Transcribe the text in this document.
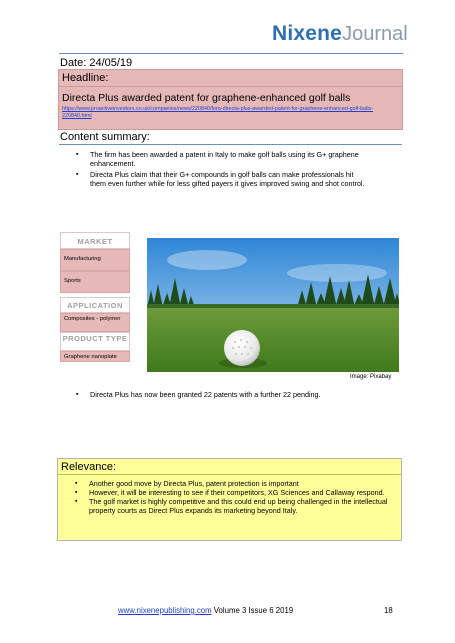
NixeneJournal
Date: 24/05/19
Headline:
Directa Plus awarded patent for graphene-enhanced golf balls
https://www.proactiveinvestors.co.uk/companies/news/220840/fora-directa-plus-awarded-patent-for-graphene-enhanced-golf-balls-220840.html
Content summary:
▪ The firm has been awarded a patent in Italy to make golf balls using its G+ graphene enhancement.
▪ Directa Plus claim that their G+ compounds in golf balls can make professionals hit them even further while for less gifted payers it gives improved swing and shot control.
MARKET
Manufacturing
Sports
APPLICATION
Composites - polymer
PRODUCT TYPE
Graphene nanoplate
Image: Pixabay
▪ Directa Plus has now been granted 22 patents with a further 22 pending.
Relevance:
▪ Another good move by Directa Plus, patent protection is important
▪ However, it will be interesting to see if their competitors, XG Sciences and Callaway respond.
▪ The golf market is highly competitive and this could end up being challenged in the intellectual property courts as Direct Plus expands its marketing beyond Italy.
www.nixenepublishing.com Volume 3 Issue 6 2019	18
